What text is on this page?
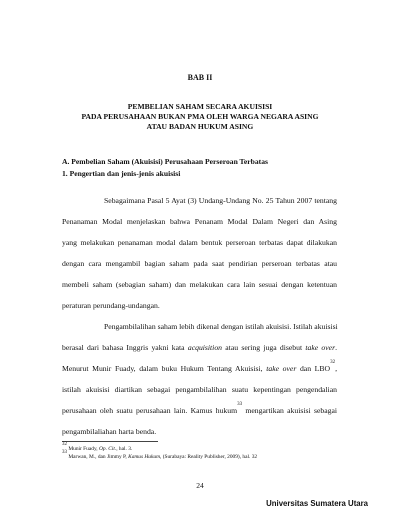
BAB II
PEMBELIAN SAHAM SECARA AKUISISI
PADA PERUSAHAAN BUKAN PMA OLEH WARGA NEGARA ASING
ATAU BADAN HUKUM ASING
A. Pembelian Saham (Akuisisi) Perusahaan Perseroan Terbatas
1. Pengertian dan jenis-jenis akuisisi
Sebagaimana Pasal 5 Ayat (3) Undang-Undang No. 25 Tahun 2007 tentang
Penanaman Modal menjelaskan bahwa Penanam Modal Dalam Negeri dan Asing
yang melakukan penanaman modal dalam bentuk perseroan terbatas dapat dilakukan
dengan cara mengambil bagian saham pada saat pendirian perseroan terbatas atau
membeli saham (sebagian saham) dan melakukan cara lain sesuai dengan ketentuan
peraturan perundang-undangan.
Pengambilalihan saham lebih dikenal dengan istilah akuisisi. Istilah akuisisi
berasal dari bahasa Inggris yakni kata acquisition atau sering juga disebut take over.
Menurut Munir Fuady, dalam buku Hukum Tentang Akuisisi, take over dan LBO$^{32}$,
istilah akuisisi diartikan sebagai pengambilalihan suatu kepentingan pengendalian
perusahaan oleh suatu perusahaan lain. Kamus hukum$^{33}$ mengartikan akuisisi sebagai
pengambilaliahan harta benda.
$^{32}$ Munir Fuady, Op. Cit., hal. 3.
$^{33}$ Marwan, M., dan Jimmy P, Kamus Hukum, (Surabaya: Reality Publisher, 2009), hal. 32
24
Universitas Sumatera Utara
